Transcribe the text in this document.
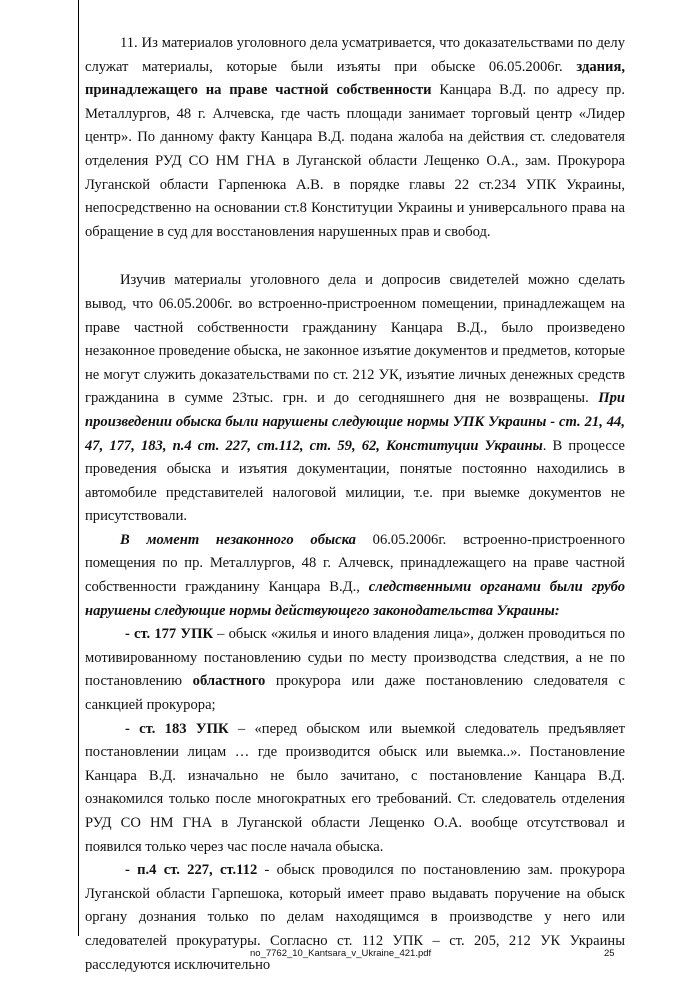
11. Из материалов уголовного дела усматривается, что доказательствами по делу служат материалы, которые были изъяты при обыске 06.05.2006г. здания, принадлежащего на праве частной собственности Канцара В.Д. по адресу пр. Металлургов, 48 г. Алчевска, где часть площади занимает торговый центр «Лидер центр». По данному факту Канцара В.Д. подана жалоба на действия ст. следователя отделения РУД СО НМ ГНА в Луганской области Лещенко О.А., зам. Прокурора Луганской области Гарпенюка А.В. в порядке главы 22 ст.234 УПК Украины, непосредственно на основании ст.8 Конституции Украины и универсального права на обращение в суд для восстановления нарушенных прав и свобод.

Изучив материалы уголовного дела и допросив свидетелей можно сделать вывод, что 06.05.2006г. во встроенно-пристроенном помещении, принадлежащем на праве частной собственности гражданину Канцара В.Д., было произведено незаконное проведение обыска, не законное изъятие документов и предметов, которые не могут служить доказательствами по ст. 212 УК, изъятие личных денежных средств гражданина в сумме 23тыс. грн. и до сегодняшнего дня не возвращены. При произведении обыска были нарушены следующие нормы УПК Украины - ст. 21, 44, 47, 177, 183, п.4 ст. 227, ст.112, ст. 59, 62, Конституции Украины. В процессе проведения обыска и изъятия документации, понятые постоянно находились в автомобиле представителей налоговой милиции, т.е. при выемке документов не присутствовали.

В момент незаконного обыска 06.05.2006г. встроенно-пристроенного помещения по пр. Металлургов, 48 г. Алчевск, принадлежащего на праве частной собственности гражданину Канцара В.Д., следственными органами были грубо нарушены следующие нормы действующего законодательства Украины:

- ст. 177 УПК – обыск «жилья и иного владения лица», должен проводиться по мотивированному постановлению судьи по месту производства следствия, а не по постановлению областного прокурора или даже постановлению следователя с санкцией прокурора;

- ст. 183 УПК – «перед обыском или выемкой следователь предъявляет постановлении лицам … где производится обыск или выемка..». Постановление Канцара В.Д. изначально не было зачитано, с постановление Канцара В.Д. ознакомился только после многократных его требований. Ст. следователь отделения РУД СО НМ ГНА в Луганской области Лещенко О.А. вообще отсутствовал и появился только через час после начала обыска.

- п.4 ст. 227, ст.112 - обыск проводился по постановлению зам. прокурора Луганской области Гарпешока, который имеет право выдавать поручение на обыск органу дознания только по делам находящимся в производстве у него или следователей прокуратуры. Согласно ст. 112 УПК – ст. 205, 212 УК Украины расследуются исключительно

no_7762_10_Kantsara_v_Ukraine_421.pdf	25
